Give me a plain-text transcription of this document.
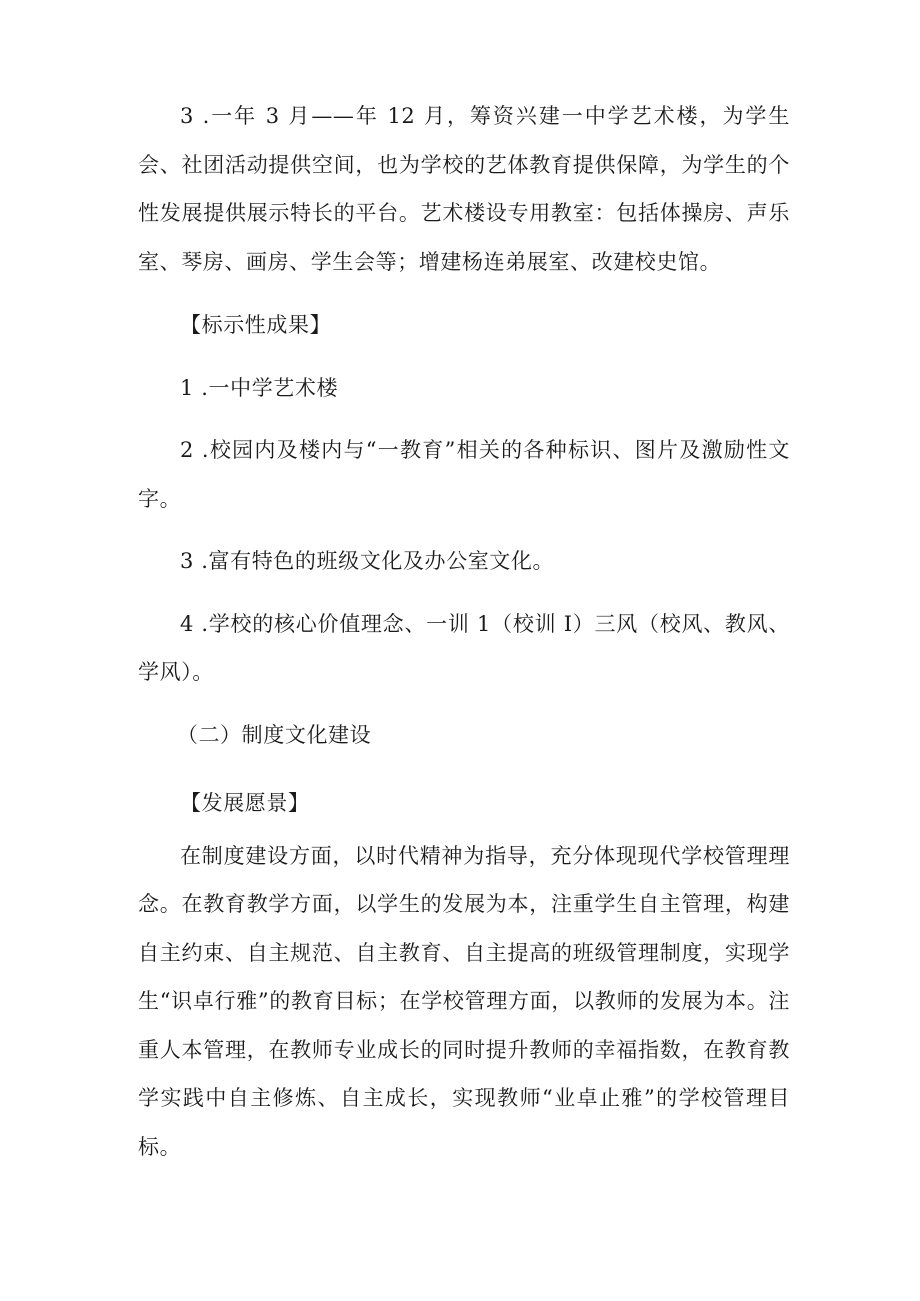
3 .一年 3 月——年 12 月，筹资兴建一中学艺术楼，为学生会、社团活动提供空间，也为学校的艺体教育提供保障，为学生的个性发展提供展示特长的平台。艺术楼设专用教室：包括体操房、声乐室、琴房、画房、学生会等；增建杨连弟展室、改建校史馆。

【标示性成果】

1 .一中学艺术楼

2 .校园内及楼内与“一教育”相关的各种标识、图片及激励性文字。

3 .富有特色的班级文化及办公室文化。

4 .学校的核心价值理念、一训 1（校训 I）三风（校风、教风、学风）。

（二）制度文化建设

【发展愿景】

在制度建设方面，以时代精神为指导，充分体现现代学校管理理念。在教育教学方面，以学生的发展为本，注重学生自主管理，构建自主约束、自主规范、自主教育、自主提高的班级管理制度，实现学生“识卓行雅”的教育目标；在学校管理方面，以教师的发展为本。注重人本管理，在教师专业成长的同时提升教师的幸福指数，在教育教学实践中自主修炼、自主成长，实现教师“业卓止雅”的学校管理目标。
